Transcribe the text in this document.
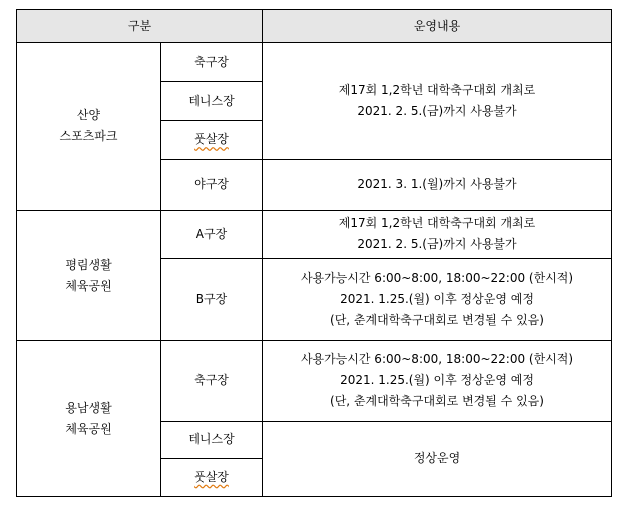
구분		운영내용

산양
스포츠파크	축구장	제17회 1,2학년 대학축구대회 개최로
2021. 2. 5.(금)까지 사용불가

	테니스장	
	풋살장	
	야구장	2021. 3. 1.(월)까지 사용불가

평림생활
체육공원	A구장	제17회 1,2학년 대학축구대회 개최로
2021. 2. 5.(금)까지 사용불가

	B구장	사용가능시간 6:00~8:00, 18:00~22:00 (한시적)
2021. 1.25.(월) 이후 정상운영 예정
(단, 춘계대학축구대회로 변경될 수 있음)

용남생활
체육공원	축구장	사용가능시간 6:00~8:00, 18:00~22:00 (한시적)
2021. 1.25.(월) 이후 정상운영 예정
(단, 춘계대학축구대회로 변경될 수 있음)

	테니스장	정상운영

	풋살장	
